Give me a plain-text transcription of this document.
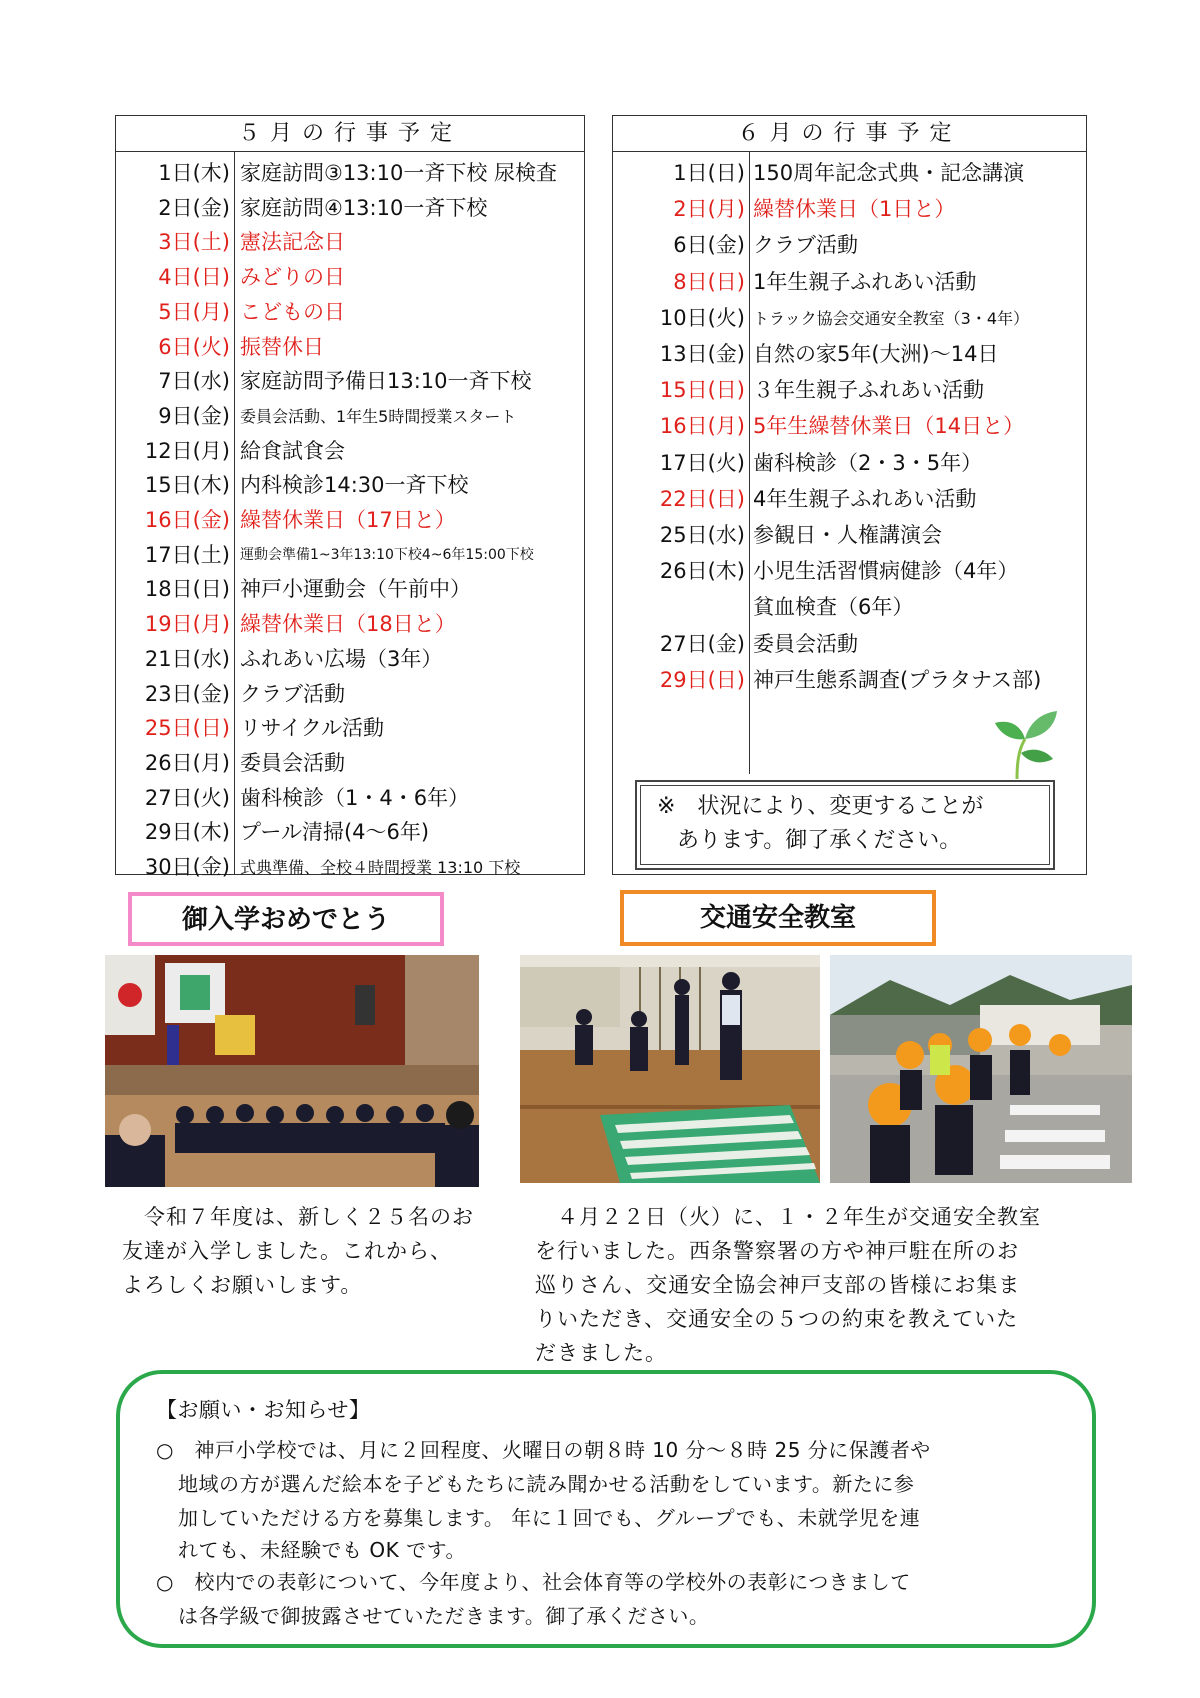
５月の行事予定
1日(木) 家庭訪問③13:10一斉下校 尿検査
2日(金) 家庭訪問④13:10一斉下校
3日(土) 憲法記念日
4日(日) みどりの日
5日(月) こどもの日
6日(火) 振替休日
7日(水) 家庭訪問予備日13:10一斉下校
9日(金) 委員会活動、1年生5時間授業スタート
12日(月) 給食試食会
15日(木) 内科検診14:30一斉下校
16日(金) 繰替休業日（17日と）
17日(土) 運動会準備1~3年13:10下校4~6年15:00下校
18日(日) 神戸小運動会（午前中）
19日(月) 繰替休業日（18日と）
21日(水) ふれあい広場（3年）
23日(金) クラブ活動
25日(日) リサイクル活動
26日(月) 委員会活動
27日(火) 歯科検診（1・4・6年）
29日(木) プール清掃(4～6年)
30日(金) 式典準備、全校４時間授業 13:10 下校
６月の行事予定
1日(日) 150周年記念式典・記念講演
2日(月) 繰替休業日（1日と）
6日(金) クラブ活動
8日(日) 1年生親子ふれあい活動
10日(火) トラック協会交通安全教室（3・4年）
13日(金) 自然の家5年(大洲)～14日
15日(日) ３年生親子ふれあい活動
16日(月) 5年生繰替休業日（14日と）
17日(火) 歯科検診（2・3・5年）
22日(日) 4年生親子ふれあい活動
25日(水) 参観日・人権講演会
26日(木) 小児生活習慣病健診（4年）
貧血検査（6年）
27日(金) 委員会活動
29日(日) 神戸生態系調査(プラタナス部)
※　状況により、変更することが
あります。御了承ください。
御入学おめでとう
令和７年度は、新しく２５名のお
友達が入学しました。これから、
よろしくお願いします。
交通安全教室
４月２２日（火）に、１・２年生が交通安全教室
を行いました。西条警察署の方や神戸駐在所のお
巡りさん、交通安全協会神戸支部の皆様にお集ま
りいただき、交通安全の５つの約束を教えていた
だきました。
【お願い・お知らせ】
○　神戸小学校では、月に２回程度、火曜日の朝８時 10 分～８時 25 分に保護者や
地域の方が選んだ絵本を子どもたちに読み聞かせる活動をしています。新たに参
加していただける方を募集します。 年に１回でも、グループでも、未就学児を連
れても、未経験でも OK です。
○　校内での表彰について、今年度より、社会体育等の学校外の表彰につきまして
は各学級で御披露させていただきます。御了承ください。
